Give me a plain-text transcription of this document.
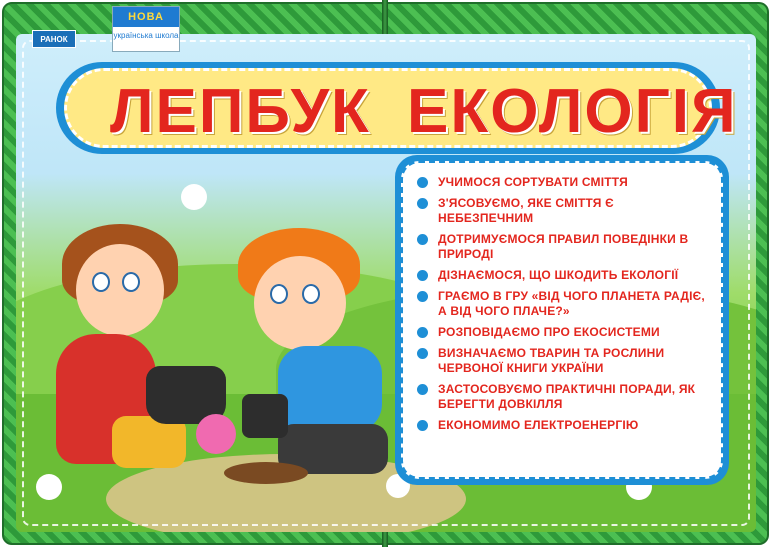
РАНОК
НОВА
українська школа
ЛЕПБУК ЕКОЛОГІЯ
УЧИМОСЯ СОРТУВАТИ СМІТТЯ
З'ЯСОВУЄМО, ЯКЕ СМІТТЯ Є НЕБЕЗПЕЧНИМ
ДОТРИМУЄМОСЯ ПРАВИЛ ПОВЕДІНКИ В ПРИРОДІ
ДІЗНАЄМОСЯ, ЩО ШКОДИТЬ ЕКОЛОГІЇ
ГРАЄМО В ГРУ «ВІД ЧОГО ПЛАНЕТА РАДІЄ, А ВІД ЧОГО ПЛАЧЕ?»
РОЗПОВІДАЄМО ПРО ЕКОСИСТЕМИ
ВИЗНАЧАЄМО ТВАРИН ТА РОСЛИНИ ЧЕРВОНОЇ КНИГИ УКРАЇНИ
ЗАСТОСОВУЄМО ПРАКТИЧНІ ПОРАДИ, ЯК БЕРЕГТИ ДОВКІЛЛЯ
ЕКОНОМИМО ЕЛЕКТРОЕНЕРГІЮ
